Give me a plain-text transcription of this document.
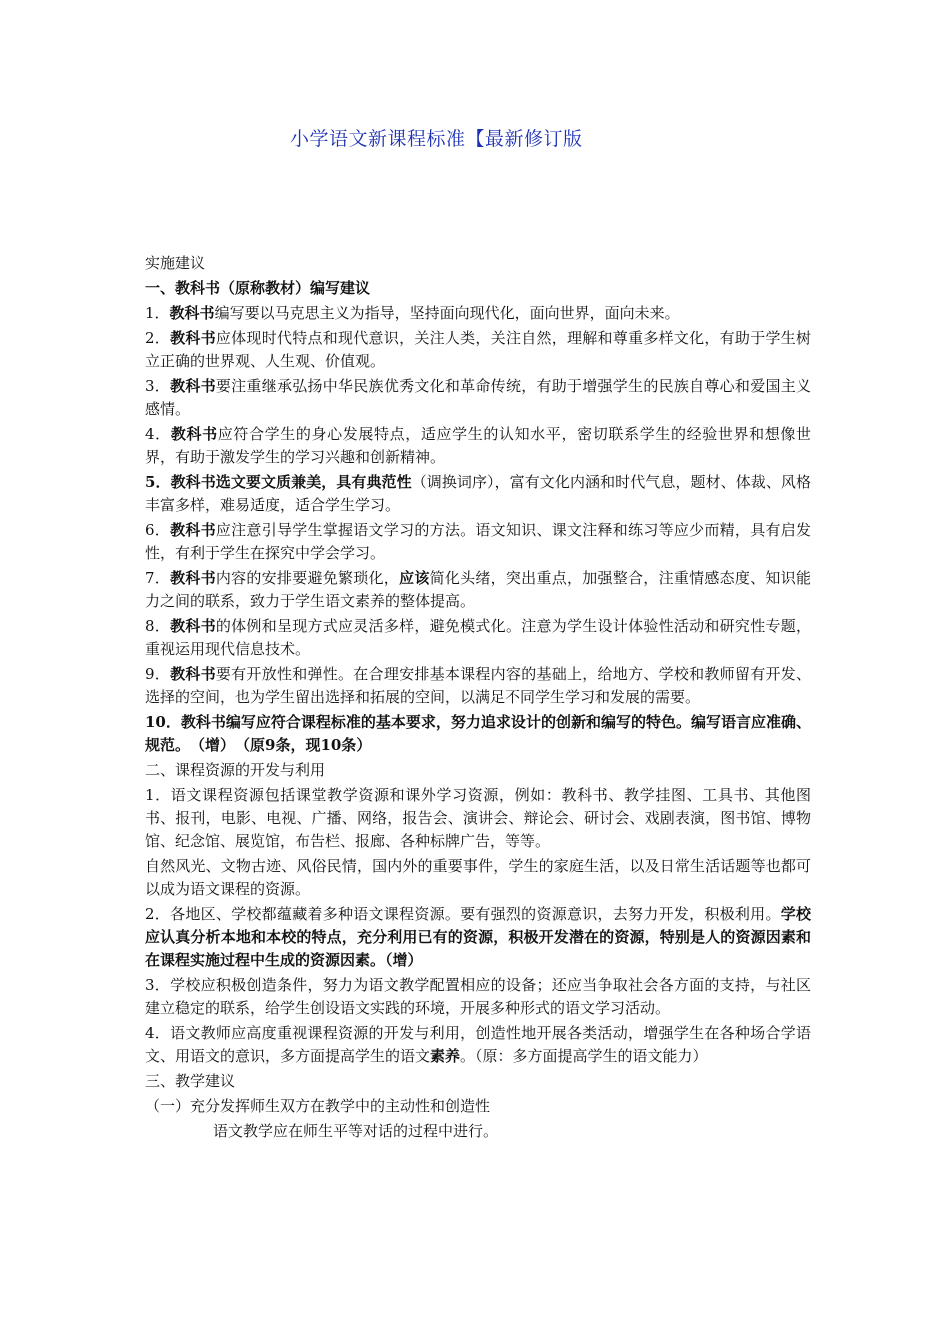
小学语文新课程标准【最新修订版

实施建议

一、教科书（原称教材）编写建议

1．教科书编写要以马克思主义为指导，坚持面向现代化，面向世界，面向未来。

2．教科书应体现时代特点和现代意识，关注人类，关注自然，理解和尊重多样文化，有助于学生树立正确的世界观、人生观、价值观。

3．教科书要注重继承弘扬中华民族优秀文化和革命传统，有助于增强学生的民族自尊心和爱国主义感情。

4．教科书应符合学生的身心发展特点，适应学生的认知水平，密切联系学生的经验世界和想像世界，有助于激发学生的学习兴趣和创新精神。

5．教科书选文要文质兼美，具有典范性（调换词序），富有文化内涵和时代气息，题材、体裁、风格丰富多样，难易适度，适合学生学习。

6．教科书应注意引导学生掌握语文学习的方法。语文知识、课文注释和练习等应少而精，具有启发性，有利于学生在探究中学会学习。

7．教科书内容的安排要避免繁琐化，应该简化头绪，突出重点，加强整合，注重情感态度、知识能力之间的联系，致力于学生语文素养的整体提高。

8．教科书的体例和呈现方式应灵活多样，避免模式化。注意为学生设计体验性活动和研究性专题，重视运用现代信息技术。

9．教科书要有开放性和弹性。在合理安排基本课程内容的基础上，给地方、学校和教师留有开发、选择的空间，也为学生留出选择和拓展的空间，以满足不同学生学习和发展的需要。

10．教科书编写应符合课程标准的基本要求，努力追求设计的创新和编写的特色。编写语言应准确、规范。　（增）　（原9条，现10条）

二、课程资源的开发与利用

1．语文课程资源包括课堂教学资源和课外学习资源，例如：教科书、教学挂图、工具书、其他图书、报刊，电影、电视、广播、网络，报告会、演讲会、辩论会、研讨会、戏剧表演，图书馆、博物馆、纪念馆、展览馆，布告栏、报廊、各种标牌广告，等等。

自然风光、文物古迹、风俗民情，国内外的重要事件，学生的家庭生活，以及日常生活话题等也都可以成为语文课程的资源。

2．各地区、学校都蕴藏着多种语文课程资源。要有强烈的资源意识，去努力开发，积极利用。学校应认真分析本地和本校的特点，充分利用已有的资源，积极开发潜在的资源，特别是人的资源因素和在课程实施过程中生成的资源因素。（增）

3．学校应积极创造条件，努力为语文教学配置相应的设备；还应当争取社会各方面的支持，与社区建立稳定的联系，给学生创设语文实践的环境，开展多种形式的语文学习活动。

4．语文教师应高度重视课程资源的开发与利用，创造性地开展各类活动，增强学生在各种场合学语文、用语文的意识，多方面提高学生的语文素养。（原：多方面提高学生的语文能力）

三、教学建议

（一）充分发挥师生双方在教学中的主动性和创造性

语文教学应在师生平等对话的过程中进行。
